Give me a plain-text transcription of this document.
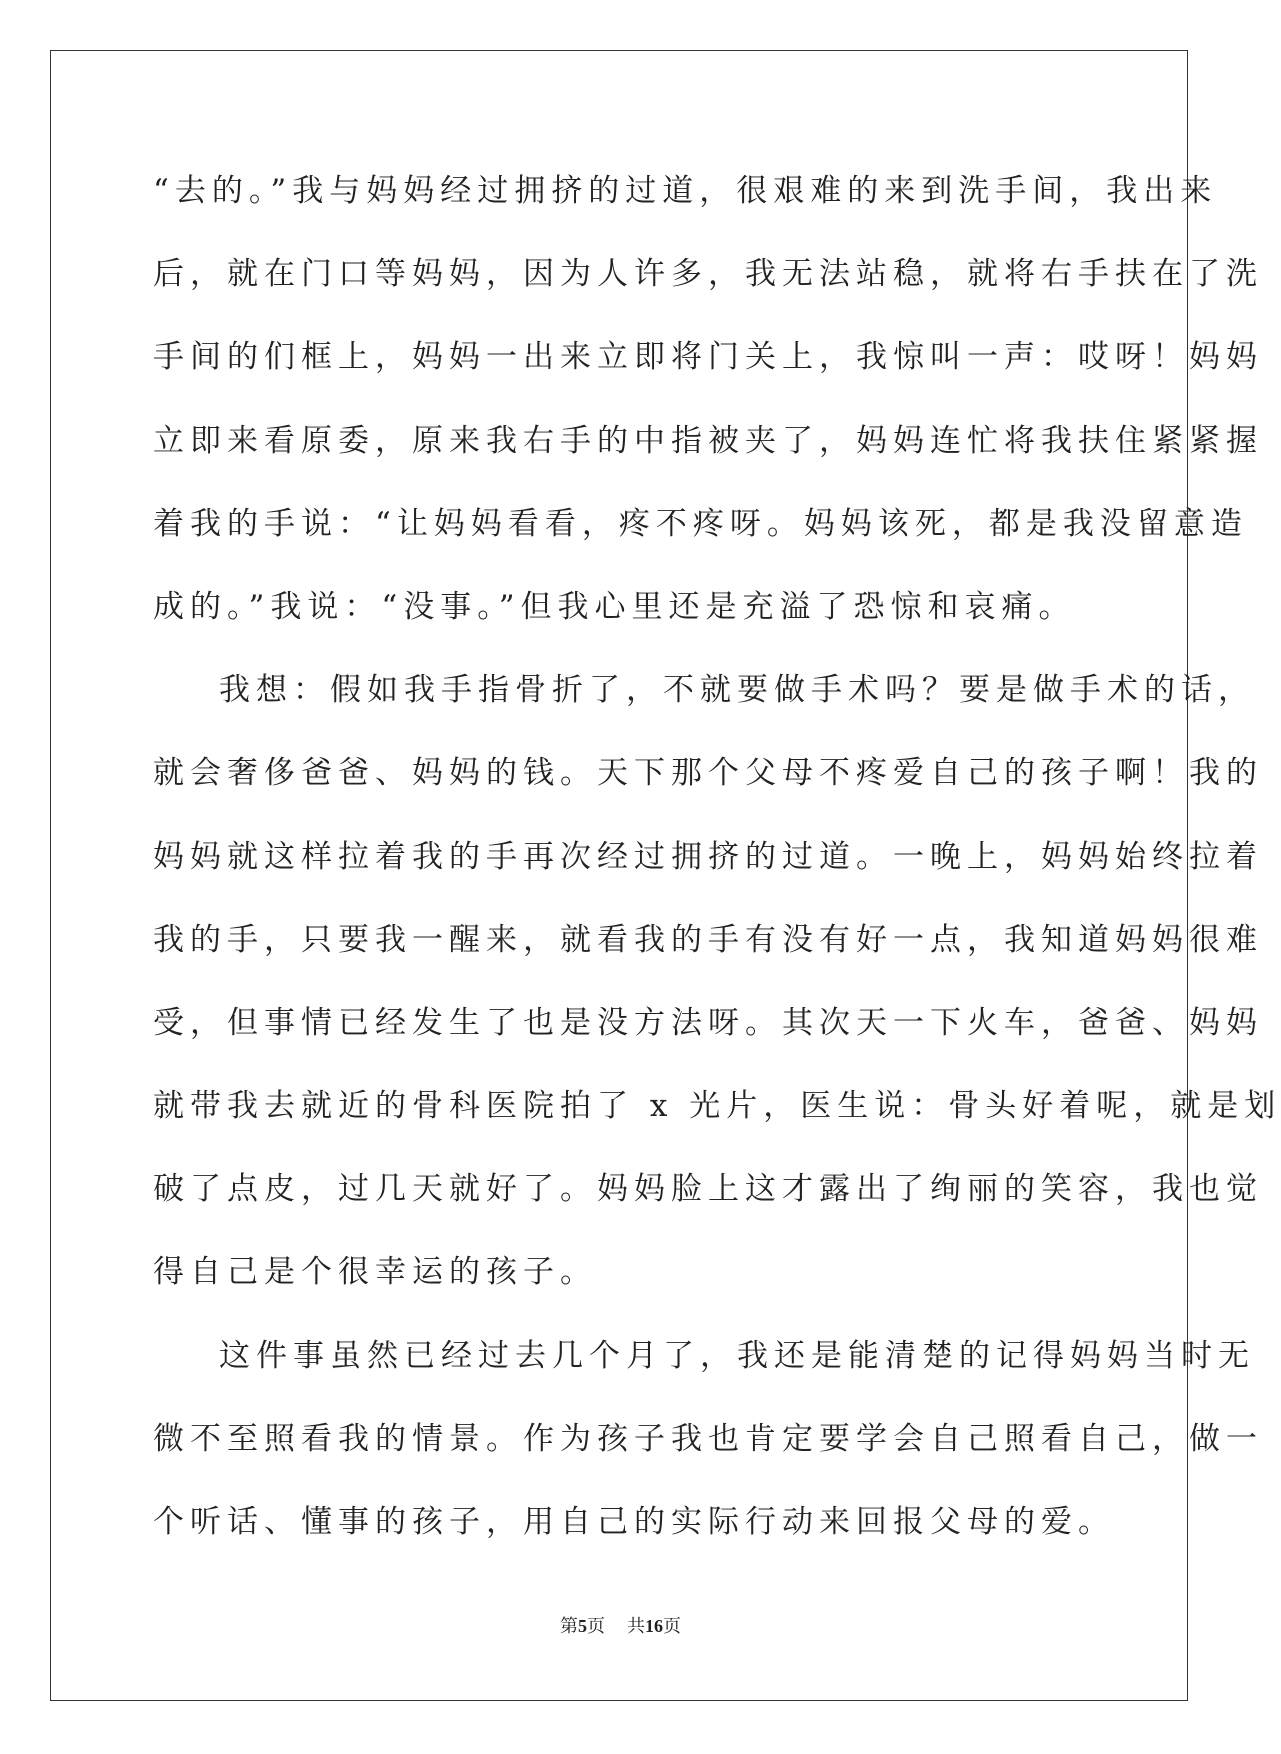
“去的。”我与妈妈经过拥挤的过道，很艰难的来到洗手间，我出来
后，就在门口等妈妈，因为人许多，我无法站稳，就将右手扶在了洗
手间的们框上，妈妈一出来立即将门关上，我惊叫一声：哎呀！妈妈
立即来看原委，原来我右手的中指被夹了，妈妈连忙将我扶住紧紧握
着我的手说：“让妈妈看看，疼不疼呀。妈妈该死，都是我没留意造
成的。”我说：“没事。”但我心里还是充溢了恐惊和哀痛。
我想：假如我手指骨折了，不就要做手术吗？要是做手术的话，
就会奢侈爸爸、妈妈的钱。天下那个父母不疼爱自己的孩子啊！我的
妈妈就这样拉着我的手再次经过拥挤的过道。一晚上，妈妈始终拉着
我的手，只要我一醒来，就看我的手有没有好一点，我知道妈妈很难
受，但事情已经发生了也是没方法呀。其次天一下火车，爸爸、妈妈
就带我去就近的骨科医院拍了 x 光片，医生说：骨头好着呢，就是划
破了点皮，过几天就好了。妈妈脸上这才露出了绚丽的笑容，我也觉
得自己是个很幸运的孩子。
这件事虽然已经过去几个月了，我还是能清楚的记得妈妈当时无
微不至照看我的情景。作为孩子我也肯定要学会自己照看自己，做一
个听话、懂事的孩子，用自己的实际行动来回报父母的爱。
第5页 共16页
